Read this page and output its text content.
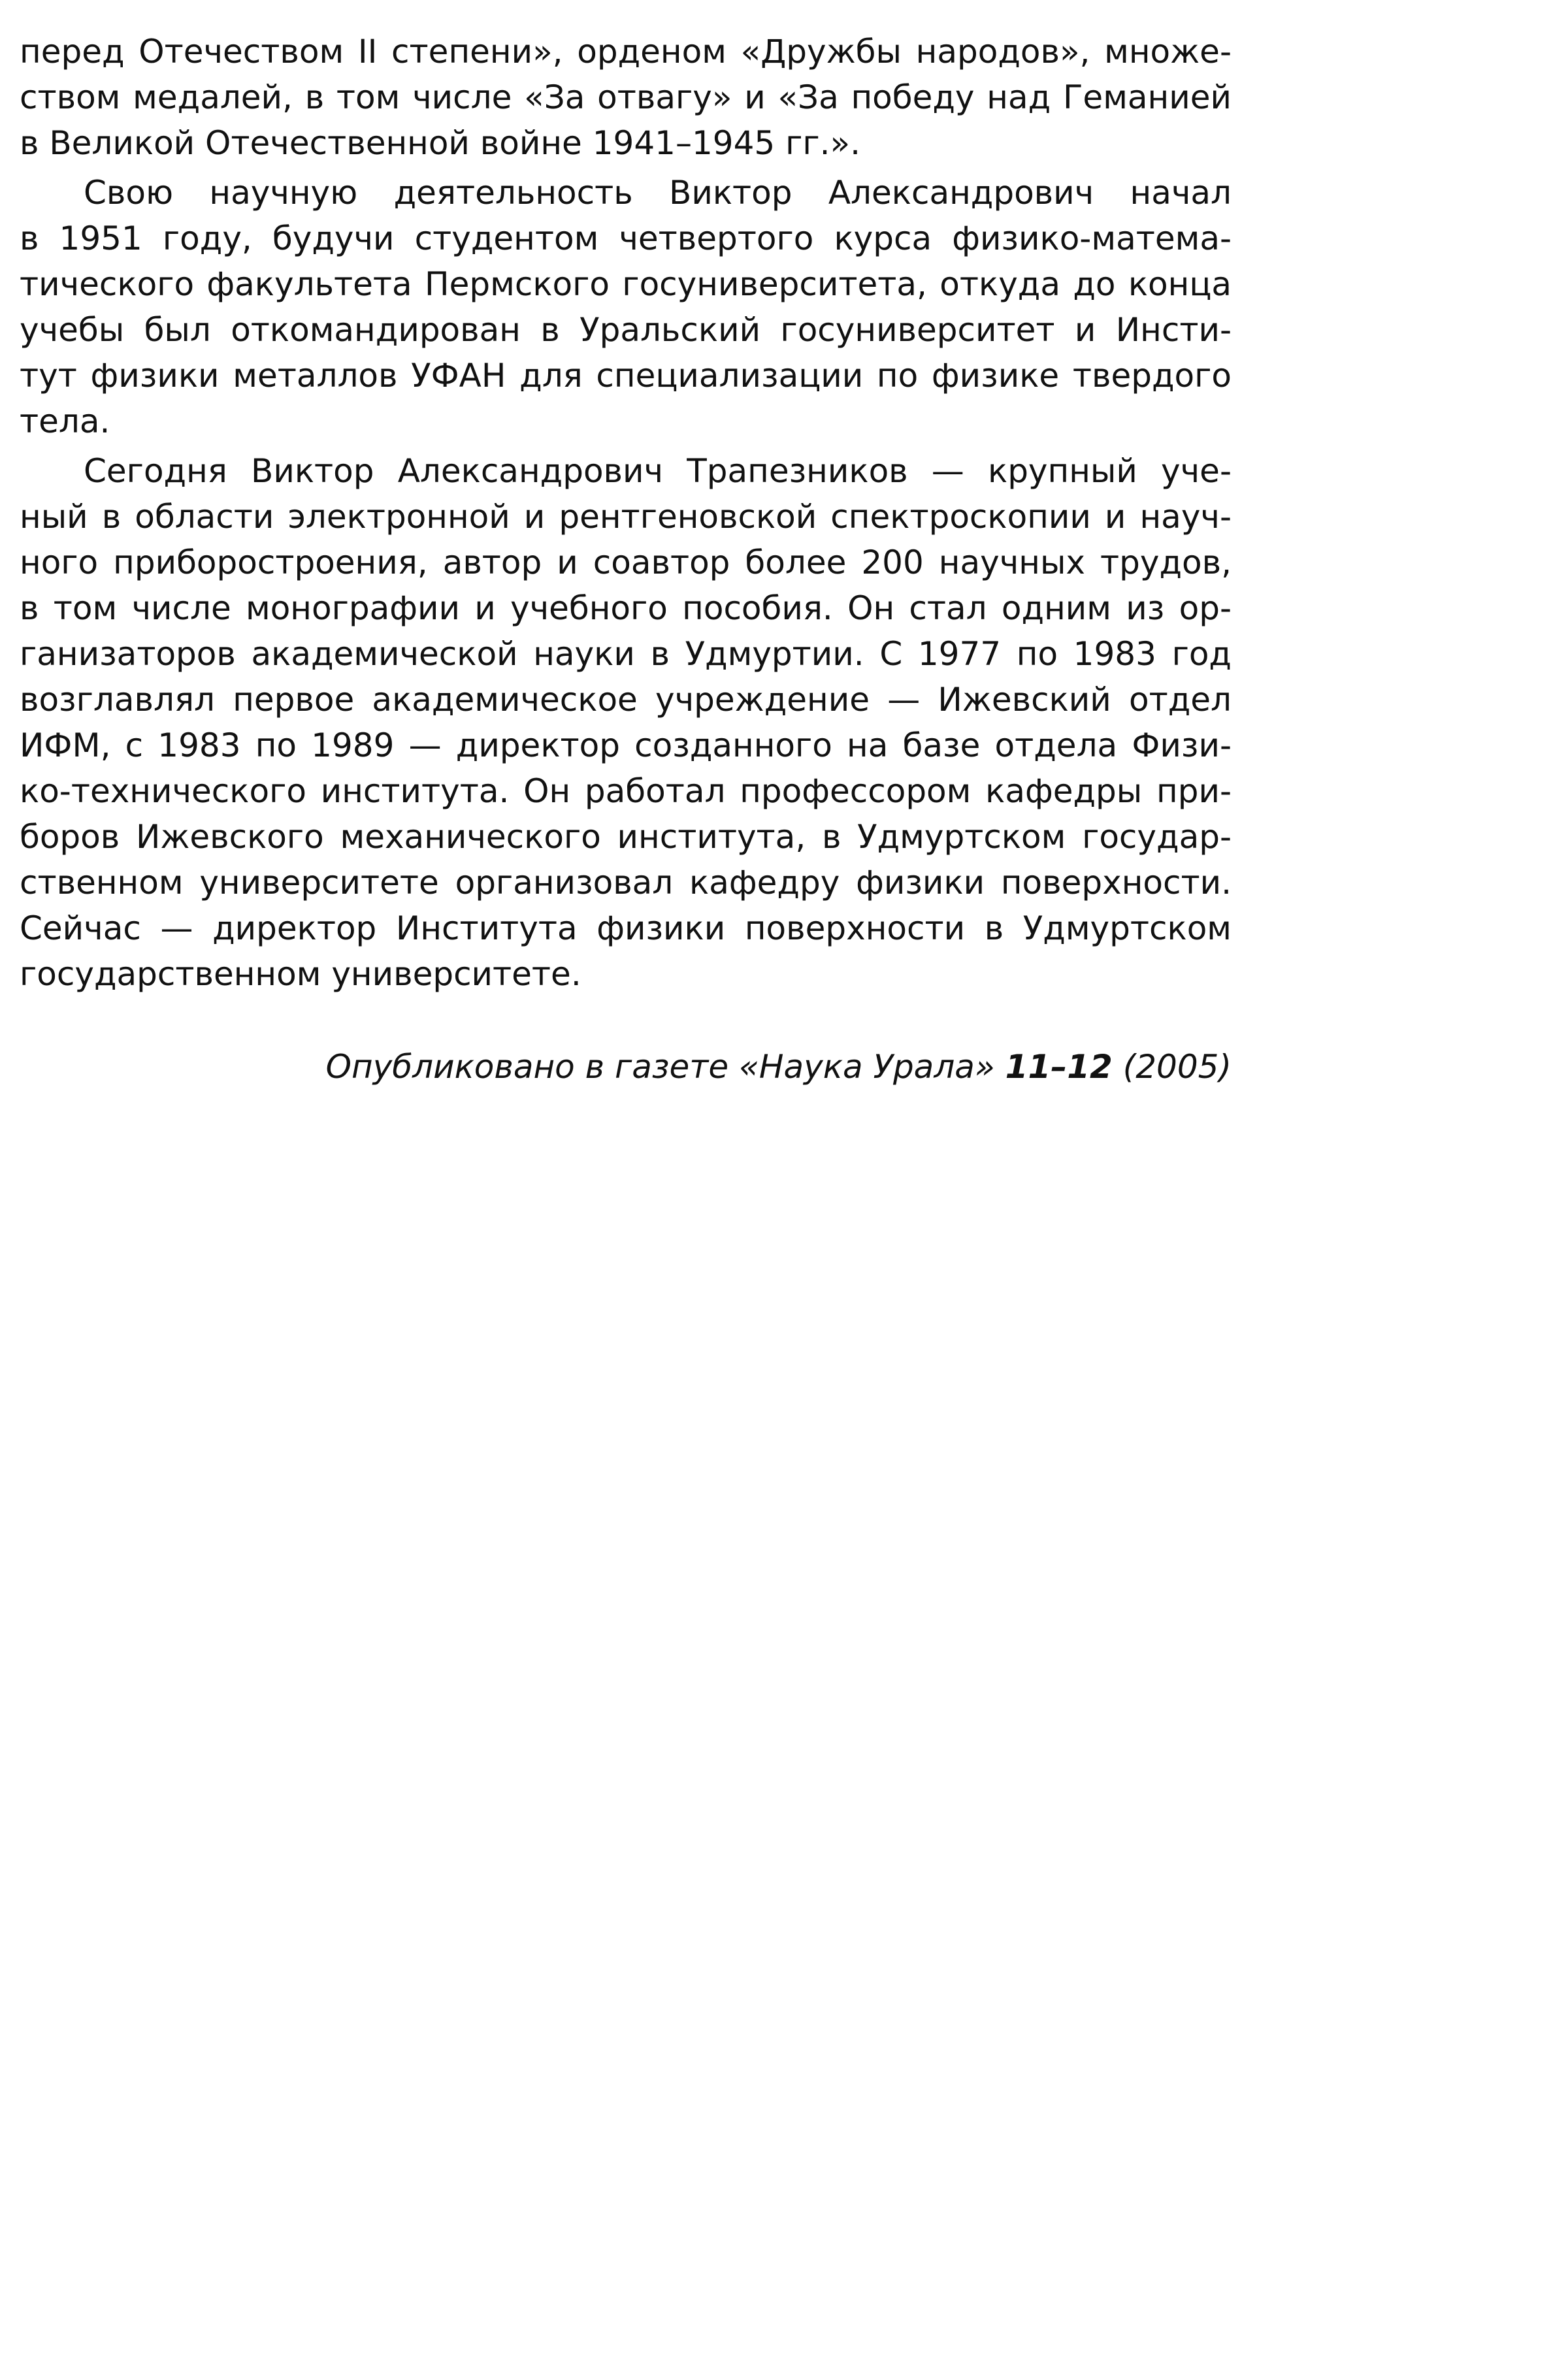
перед Отечеством II степени», орденом «Дружбы народов», множе-
ством медалей, в том числе «За отвагу» и «За победу над Геманией
в Великой Отечественной войне 1941–1945 гг.».
Свою научную деятельность Виктор Александрович начал
в 1951 году, будучи студентом четвертого курса физико-матема-
тического факультета Пермского госуниверситета, откуда до конца
учебы был откомандирован в Уральский госуниверситет и Инсти-
тут физики металлов УФАН для специализации по физике твердого
тела.
Сегодня Виктор Александрович Трапезников — крупный уче-
ный в области электронной и рентгеновской спектроскопии и науч-
ного приборостроения, автор и соавтор более 200 научных трудов,
в том числе монографии и учебного пособия. Он стал одним из ор-
ганизаторов академической науки в Удмуртии. С 1977 по 1983 год
возглавлял первое академическое учреждение — Ижевский отдел
ИФМ, с 1983 по 1989 — директор созданного на базе отдела Физи-
ко-технического института. Он работал профессором кафедры при-
боров Ижевского механического института, в Удмуртском государ-
ственном университете организовал кафедру физики поверхности.
Сейчас — директор Института физики поверхности в Удмуртском
государственном университете.
Опубликовано в газете «Наука Урала» 11–12 (2005)
